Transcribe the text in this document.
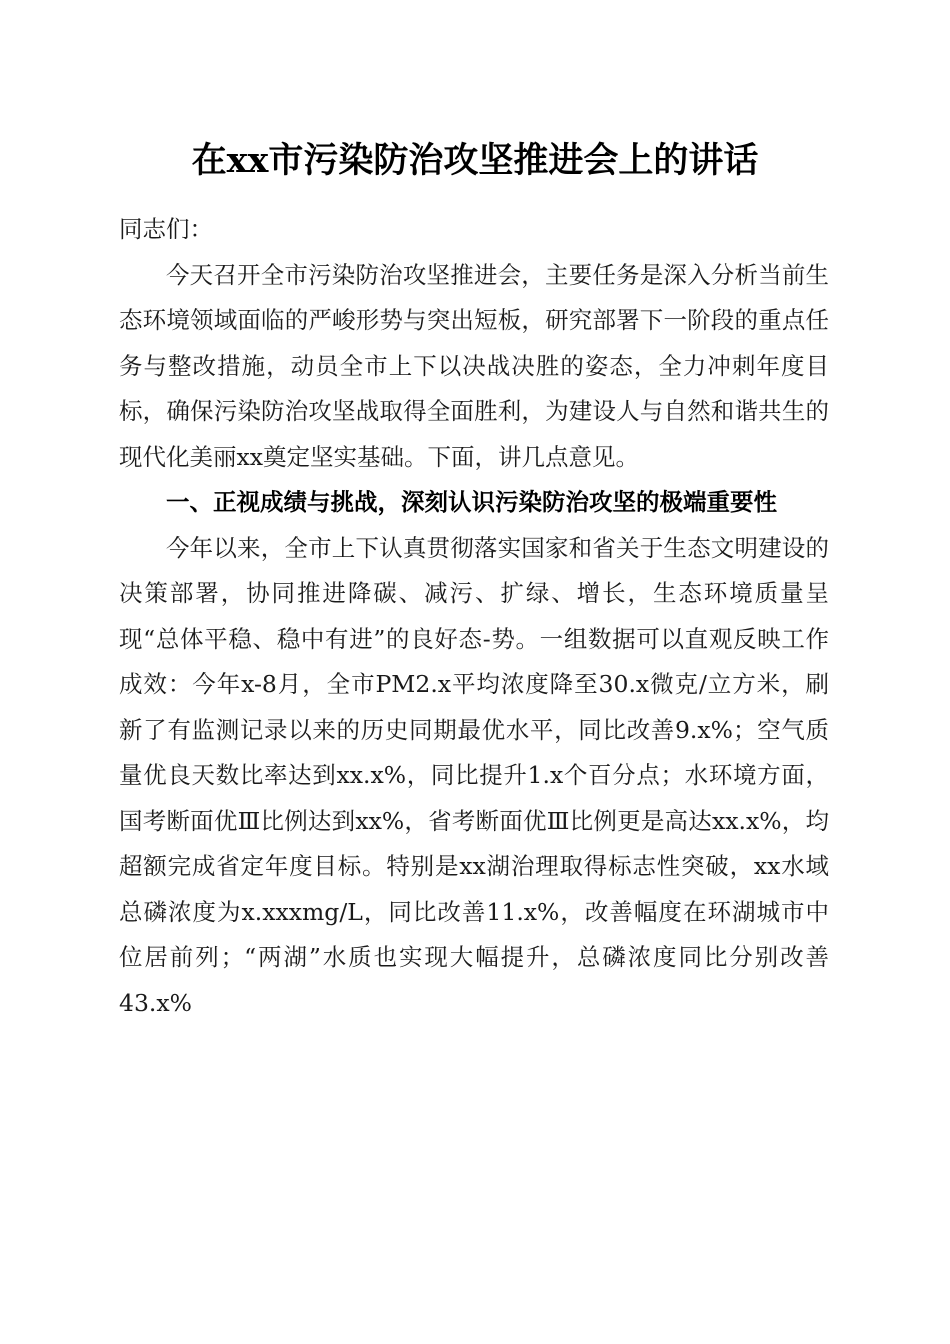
在xx市污染防治攻坚推进会上的讲话

同志们：

今天召开全市污染防治攻坚推进会，主要任务是深入分析当前生态环境领域面临的严峻形势与突出短板，研究部署下一阶段的重点任务与整改措施，动员全市上下以决战决胜的姿态，全力冲刺年度目标，确保污染防治攻坚战取得全面胜利，为建设人与自然和谐共生的现代化美丽xx奠定坚实基础。下面，讲几点意见。

一、正视成绩与挑战，深刻认识污染防治攻坚的极端重要性

今年以来，全市上下认真贯彻落实国家和省关于生态文明建设的决策部署，协同推进降碳、减污、扩绿、增长，生态环境质量呈现“总体平稳、稳中有进”的良好态-势。一组数据可以直观反映工作成效：今年x-8月，全市PM2.x平均浓度降至30.x微克/立方米，刷新了有监测记录以来的历史同期最优水平，同比改善9.x%；空气质量优良天数比率达到xx.x%，同比提升1.x个百分点；水环境方面，国考断面优Ⅲ比例达到xx%，省考断面优Ⅲ比例更是高达xx.x%，均超额完成省定年度目标。特别是xx湖治理取得标志性突破，xx水域总磷浓度为x.xxxmg/L，同比改善11.x%，改善幅度在环湖城市中位居前列；“两湖”水质也实现大幅提升，总磷浓度同比分别改善43.x%
